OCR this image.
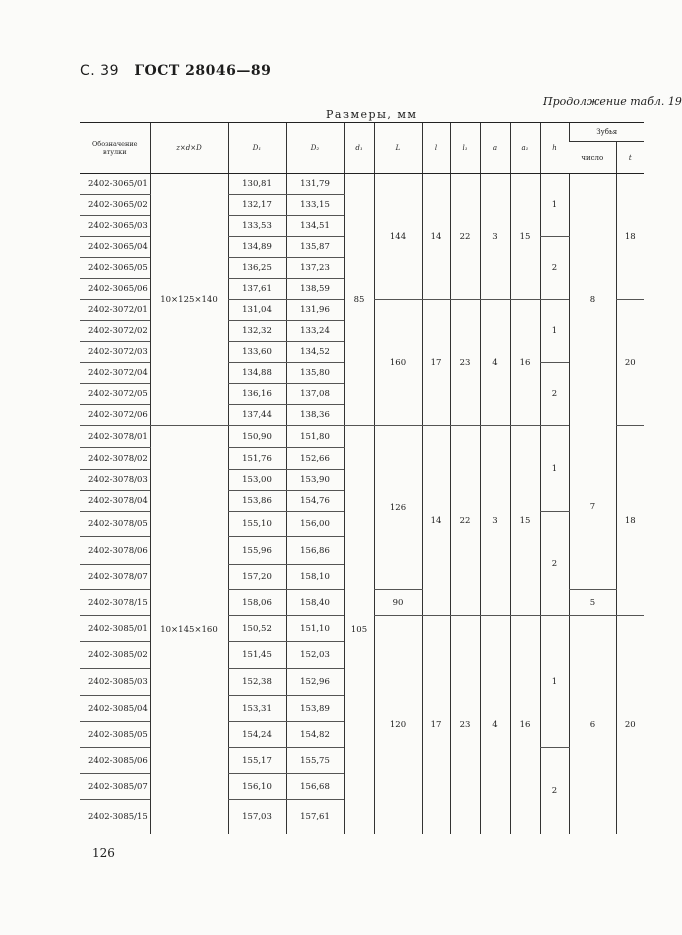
С. 39 ГОСТ 28046—89
Продолжение табл. 19
Размеры, мм
Обозначение втулки	z×d×D	D₁	D₂	d₁	L	l	l₁	a	a₁	h	Зубья	
											число	t
2402-3065/01	10×125×140	130,81	131,79	85	144	14	22	3	15	1	8	18
2402-3065/02		132,17	133,15									
2402-3065/03		133,53	134,51									
2402-3065/04		134,89	135,87							2		
2402-3065/05		136,25	137,23									
2402-3065/06		137,61	138,59									
2402-3072/01		131,04	131,96		160	17	23	4	16	1		20
2402-3072/02		132,32	133,24									
2402-3072/03		133,60	134,52									
2402-3072/04		134,88	135,80							2		
2402-3072/05		136,16	137,08									
2402-3072/06		137,44	138,36									
2402-3078/01	10×145×160	150,90	151,80	105	126	14	22	3	15	1	7	18
2402-3078/02		151,76	152,66									
2402-3078/03		153,00	153,90									
2402-3078/04		153,86	154,76									
2402-3078/05		155,10	156,00							2		
2402-3078/06		155,96	156,86									
2402-3078/07		157,20	158,10									
2402-3078/15		158,06	158,40		90						5	
2402-3085/01		150,52	151,10		120	17	23	4	16	1	6	20
2402-3085/02		151,45	152,03									
2402-3085/03		152,38	152,96									
2402-3085/04		153,31	153,89									
2402-3085/05		154,24	154,82									
2402-3085/06		155,17	155,75							2		
2402-3085/07		156,10	156,68									
2402-3085/15		157,03	157,61									
126
